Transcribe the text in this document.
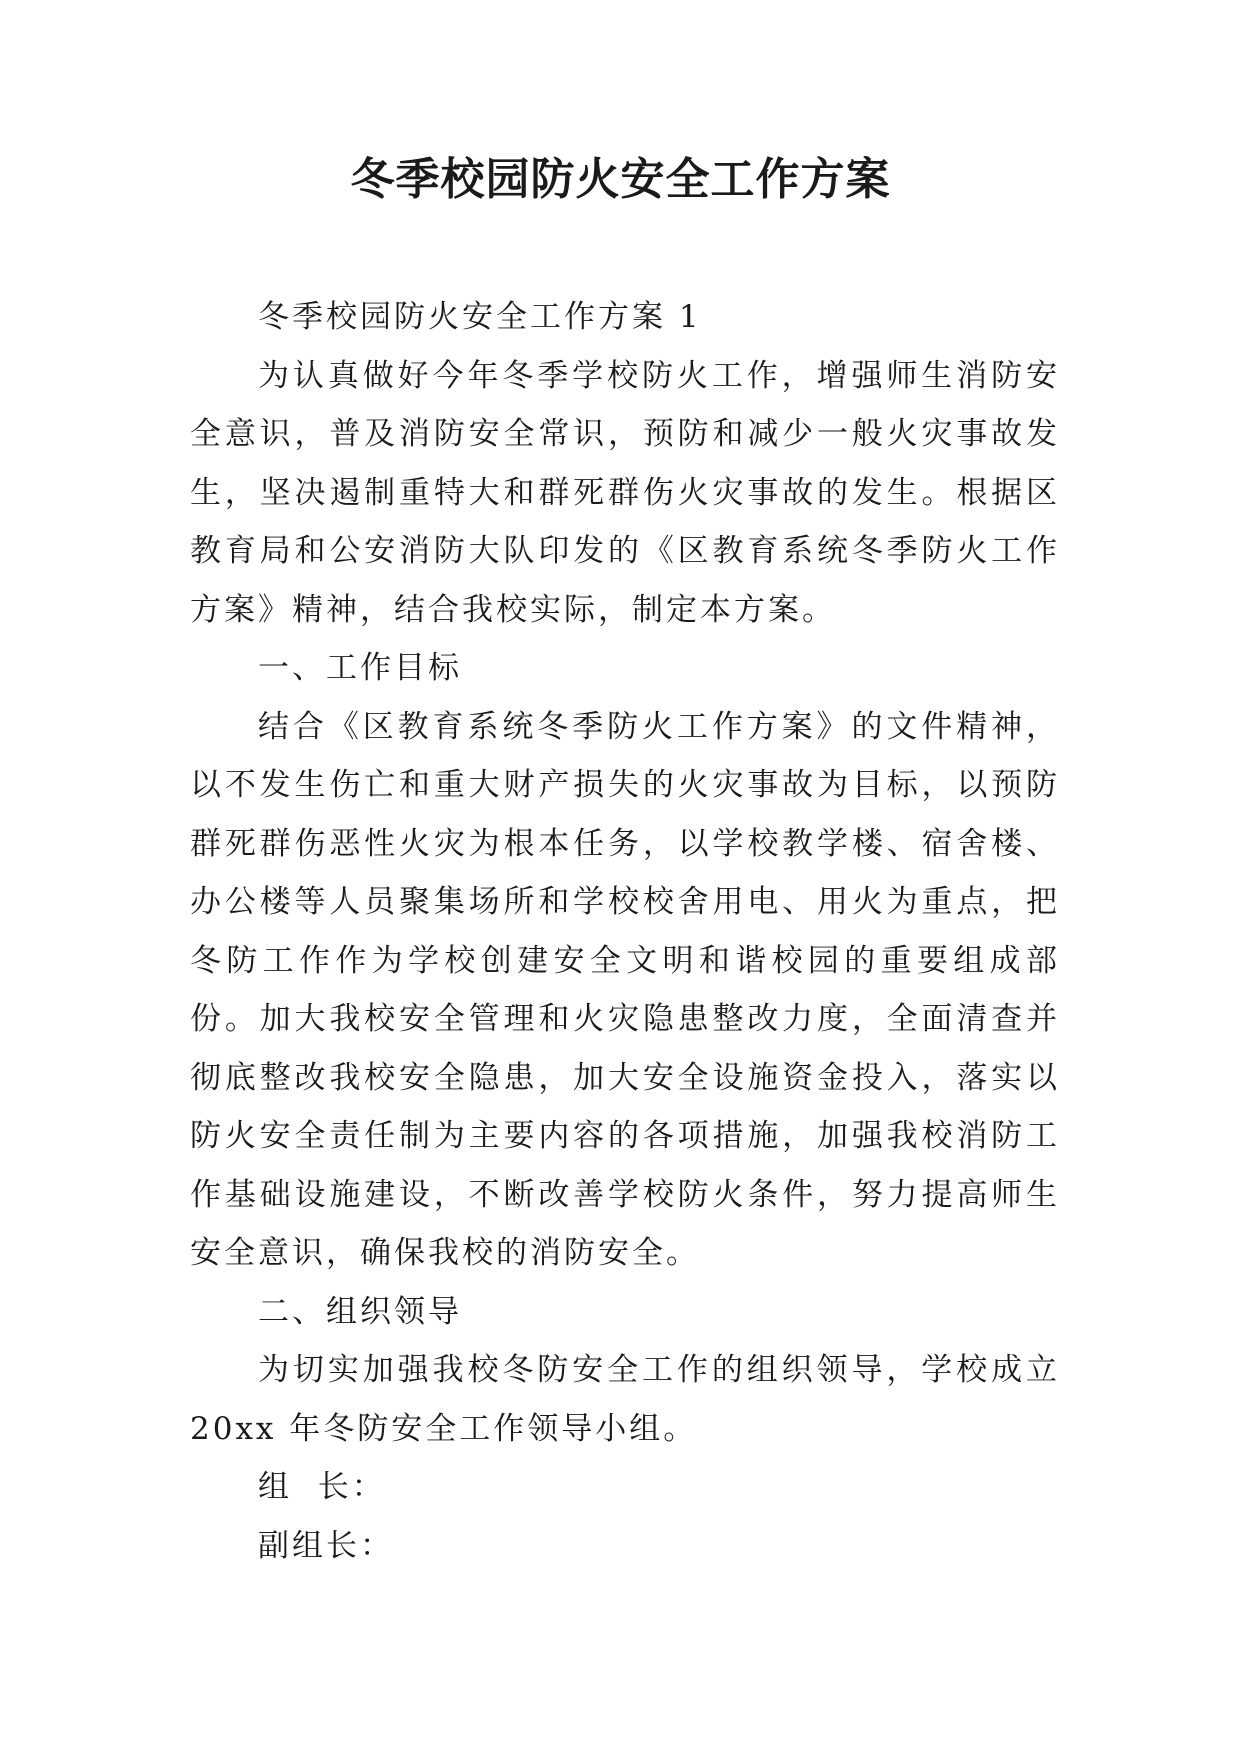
冬季校园防火安全工作方案

冬季校园防火安全工作方案 1

为认真做好今年冬季学校防火工作，增强师生消防安全意识，普及消防安全常识，预防和减少一般火灾事故发生，坚决遏制重特大和群死群伤火灾事故的发生。根据区教育局和公安消防大队印发的《区教育系统冬季防火工作方案》精神，结合我校实际，制定本方案。

一、工作目标

结合《区教育系统冬季防火工作方案》的文件精神，以不发生伤亡和重大财产损失的火灾事故为目标，以预防群死群伤恶性火灾为根本任务，以学校教学楼、宿舍楼、办公楼等人员聚集场所和学校校舍用电、用火为重点，把冬防工作作为学校创建安全文明和谐校园的重要组成部份。加大我校安全管理和火灾隐患整改力度，全面清查并彻底整改我校安全隐患，加大安全设施资金投入，落实以防火安全责任制为主要内容的各项措施，加强我校消防工作基础设施建设，不断改善学校防火条件，努力提高师生安全意识，确保我校的消防安全。

二、组织领导

为切实加强我校冬防安全工作的组织领导，学校成立 20xx 年冬防安全工作领导小组。

组  长：

副组长：
